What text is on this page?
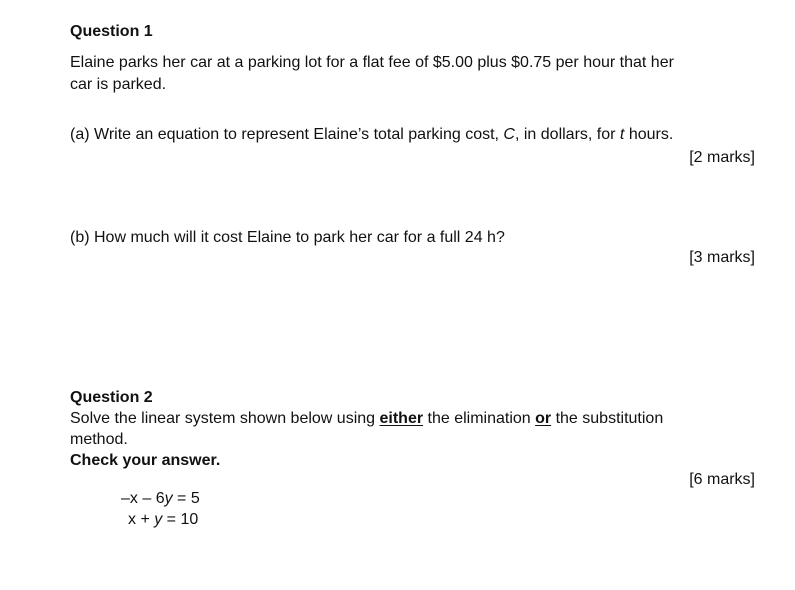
Question 1
Elaine parks her car at a parking lot for a flat fee of $5.00 plus $0.75 per hour that her
car is parked.
(a) Write an equation to represent Elaine’s total parking cost, C, in dollars, for t hours.
[2 marks]
(b) How much will it cost Elaine to park her car for a full 24 h?
[3 marks]
Question 2
Solve the linear system shown below using either the elimination or the substitution
method.
Check your answer.
[6 marks]
–x – 6y = 5
x + y = 10
